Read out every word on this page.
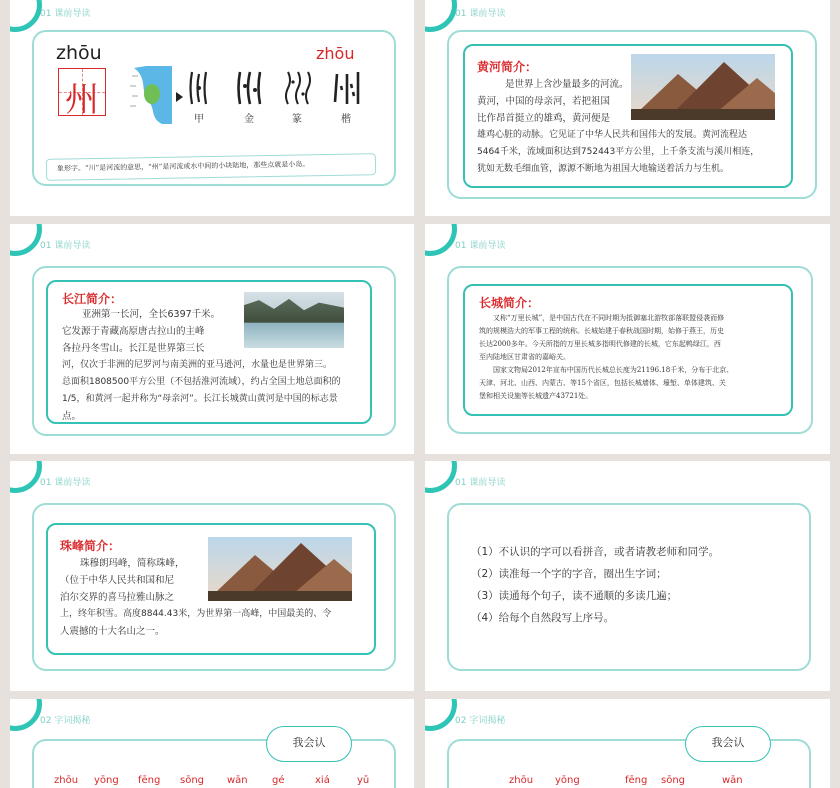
01 课前导读
zhōu
州	甲	金	篆	楷
zhōu
象形字。“川”是河流的意思，“州”是河流或水中间的小块陆地，那些点就是小岛。
01 课前导读
黄河简介：
是世界上含沙量最多的河流。
黄河，中国的母亲河，若把祖国
比作昂首挺立的雄鸡，黄河便是
雄鸡心脏的动脉。它见证了中华人民共和国伟大的发展。黄河流程达
5464千米，流域面积达到752443平方公里，上千条支流与溪川相连，
犹如无数毛细血管，源源不断地为祖国大地输送着活力与生机。
01 课前导读
长江简介：
亚洲第一长河，全长6397千米。
它发源于青藏高原唐古拉山的主峰
各拉丹冬雪山。长江是世界第三长
河，仅次于非洲的尼罗河与南美洲的亚马逊河，水量也是世界第三。
总面积1808500平方公里（不包括淮河流域），约占全国土地总面积的
1/5，和黄河一起并称为“母亲河”。长江长城黄山黄河是中国的标志景
点。
01 课前导读
长城简介：
又称“万里长城”，是中国古代在不同时期为抵御塞北游牧部落联盟侵袭而修
筑的规模浩大的军事工程的统称。长城始建于春秋战国时期，始修于燕王，历史
长达2000多年。今天所指的万里长城多指明代修建的长城，它东起鸭绿江，西
至内陆地区甘肃省的嘉峪关。
国家文物局2012年宣布中国历代长城总长度为21196.18千米，分布于北京、
天津、河北、山西、内蒙古、等15个省区，包括长城墙体、壕堑、单体建筑、关
堡和相关设施等长城遗产43721处。
01 课前导读
珠峰简介：
珠穆朗玛峰，简称珠峰，
（位于中华人民共和国和尼
泊尔交界的喜马拉雅山脉之
上，终年积雪。高度8844.43米，为世界第一高峰，中国最美的、令
人震撼的十大名山之一。
01 课前导读
（1）不认识的字可以看拼音，或者请教老师和同学。
（2）读准每一个字的字音，圈出生字词；
（3）读通每个句子，读不通顺的多读几遍；
（4）给每个自然段写上序号。
02 字词揭秘
我会认
zhōu yōng fēng sōng wān gé	xiá	yǔ
02 字词揭秘
我会认
zhōu yōng	fēng sōng	wān
